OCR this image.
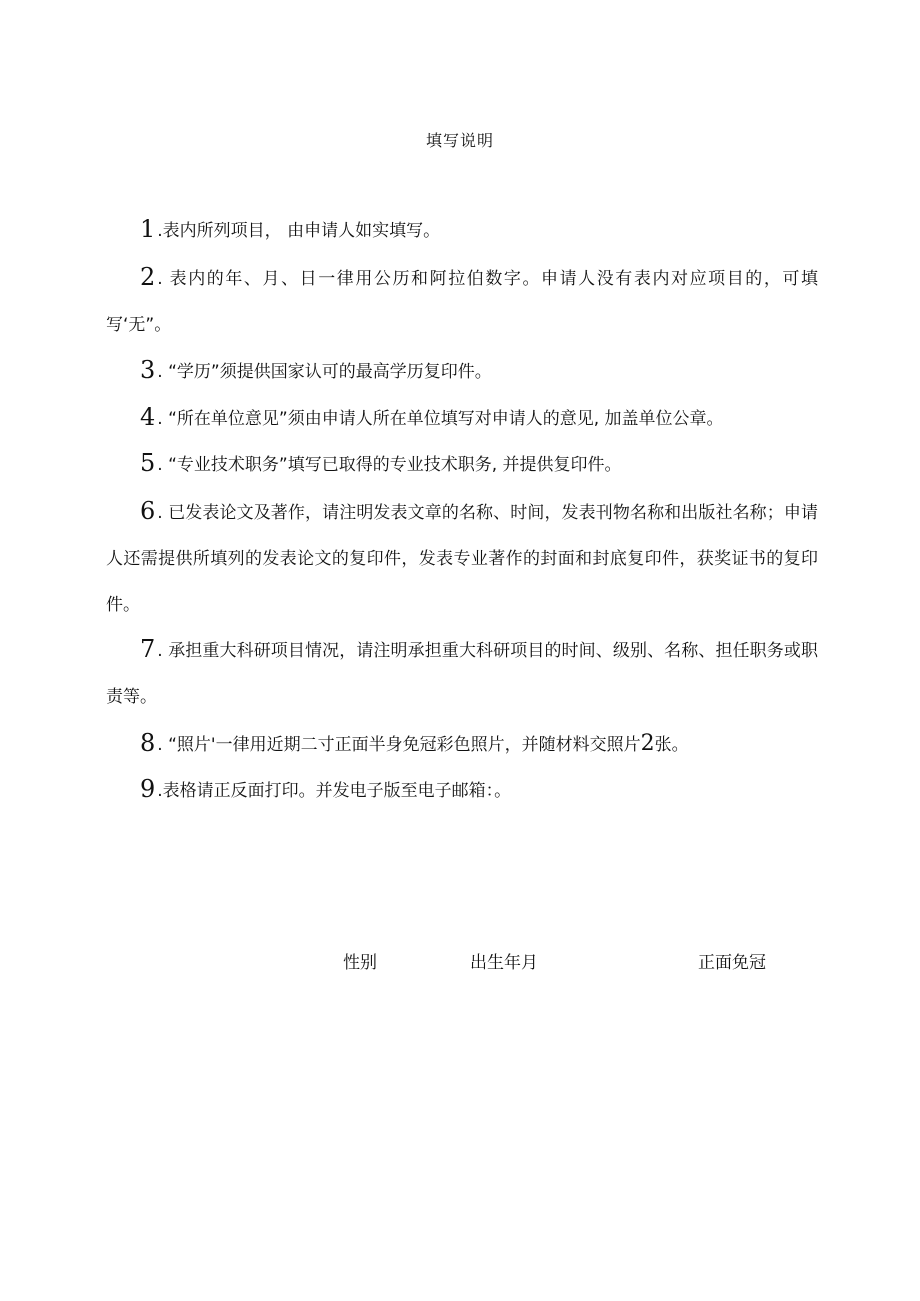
填写说明
1 .表内所列项目， 由申请人如实填写。
2 . 表内的年、月、日一律用公历和阿拉伯数字。申请人没有表内对应项目的，可填写‘无”。
3 . “学历”须提供国家认可的最高学历复印件。
4 . “所在单位意见”须由申请人所在单位填写对申请人的意见, 加盖单位公章。
5 . “专业技术职务”填写已取得的专业技术职务, 并提供复印件。
6 . 已发表论文及著作，请注明发表文章的名称、时间，发表刊物名称和出版社名称；申请人还需提供所填列的发表论文的复印件，发表专业著作的封面和封底复印件，获奖证书的复印件。
7 . 承担重大科研项目情况，请注明承担重大科研项目的时间、级别、名称、担任职务或职责等。
8 . “照片'一律用近期二寸正面半身免冠彩色照片，并随材料交照片2张。
9 .表格请正反面打印。并发电子版至电子邮箱：。
性别	出生年月	正面免冠
